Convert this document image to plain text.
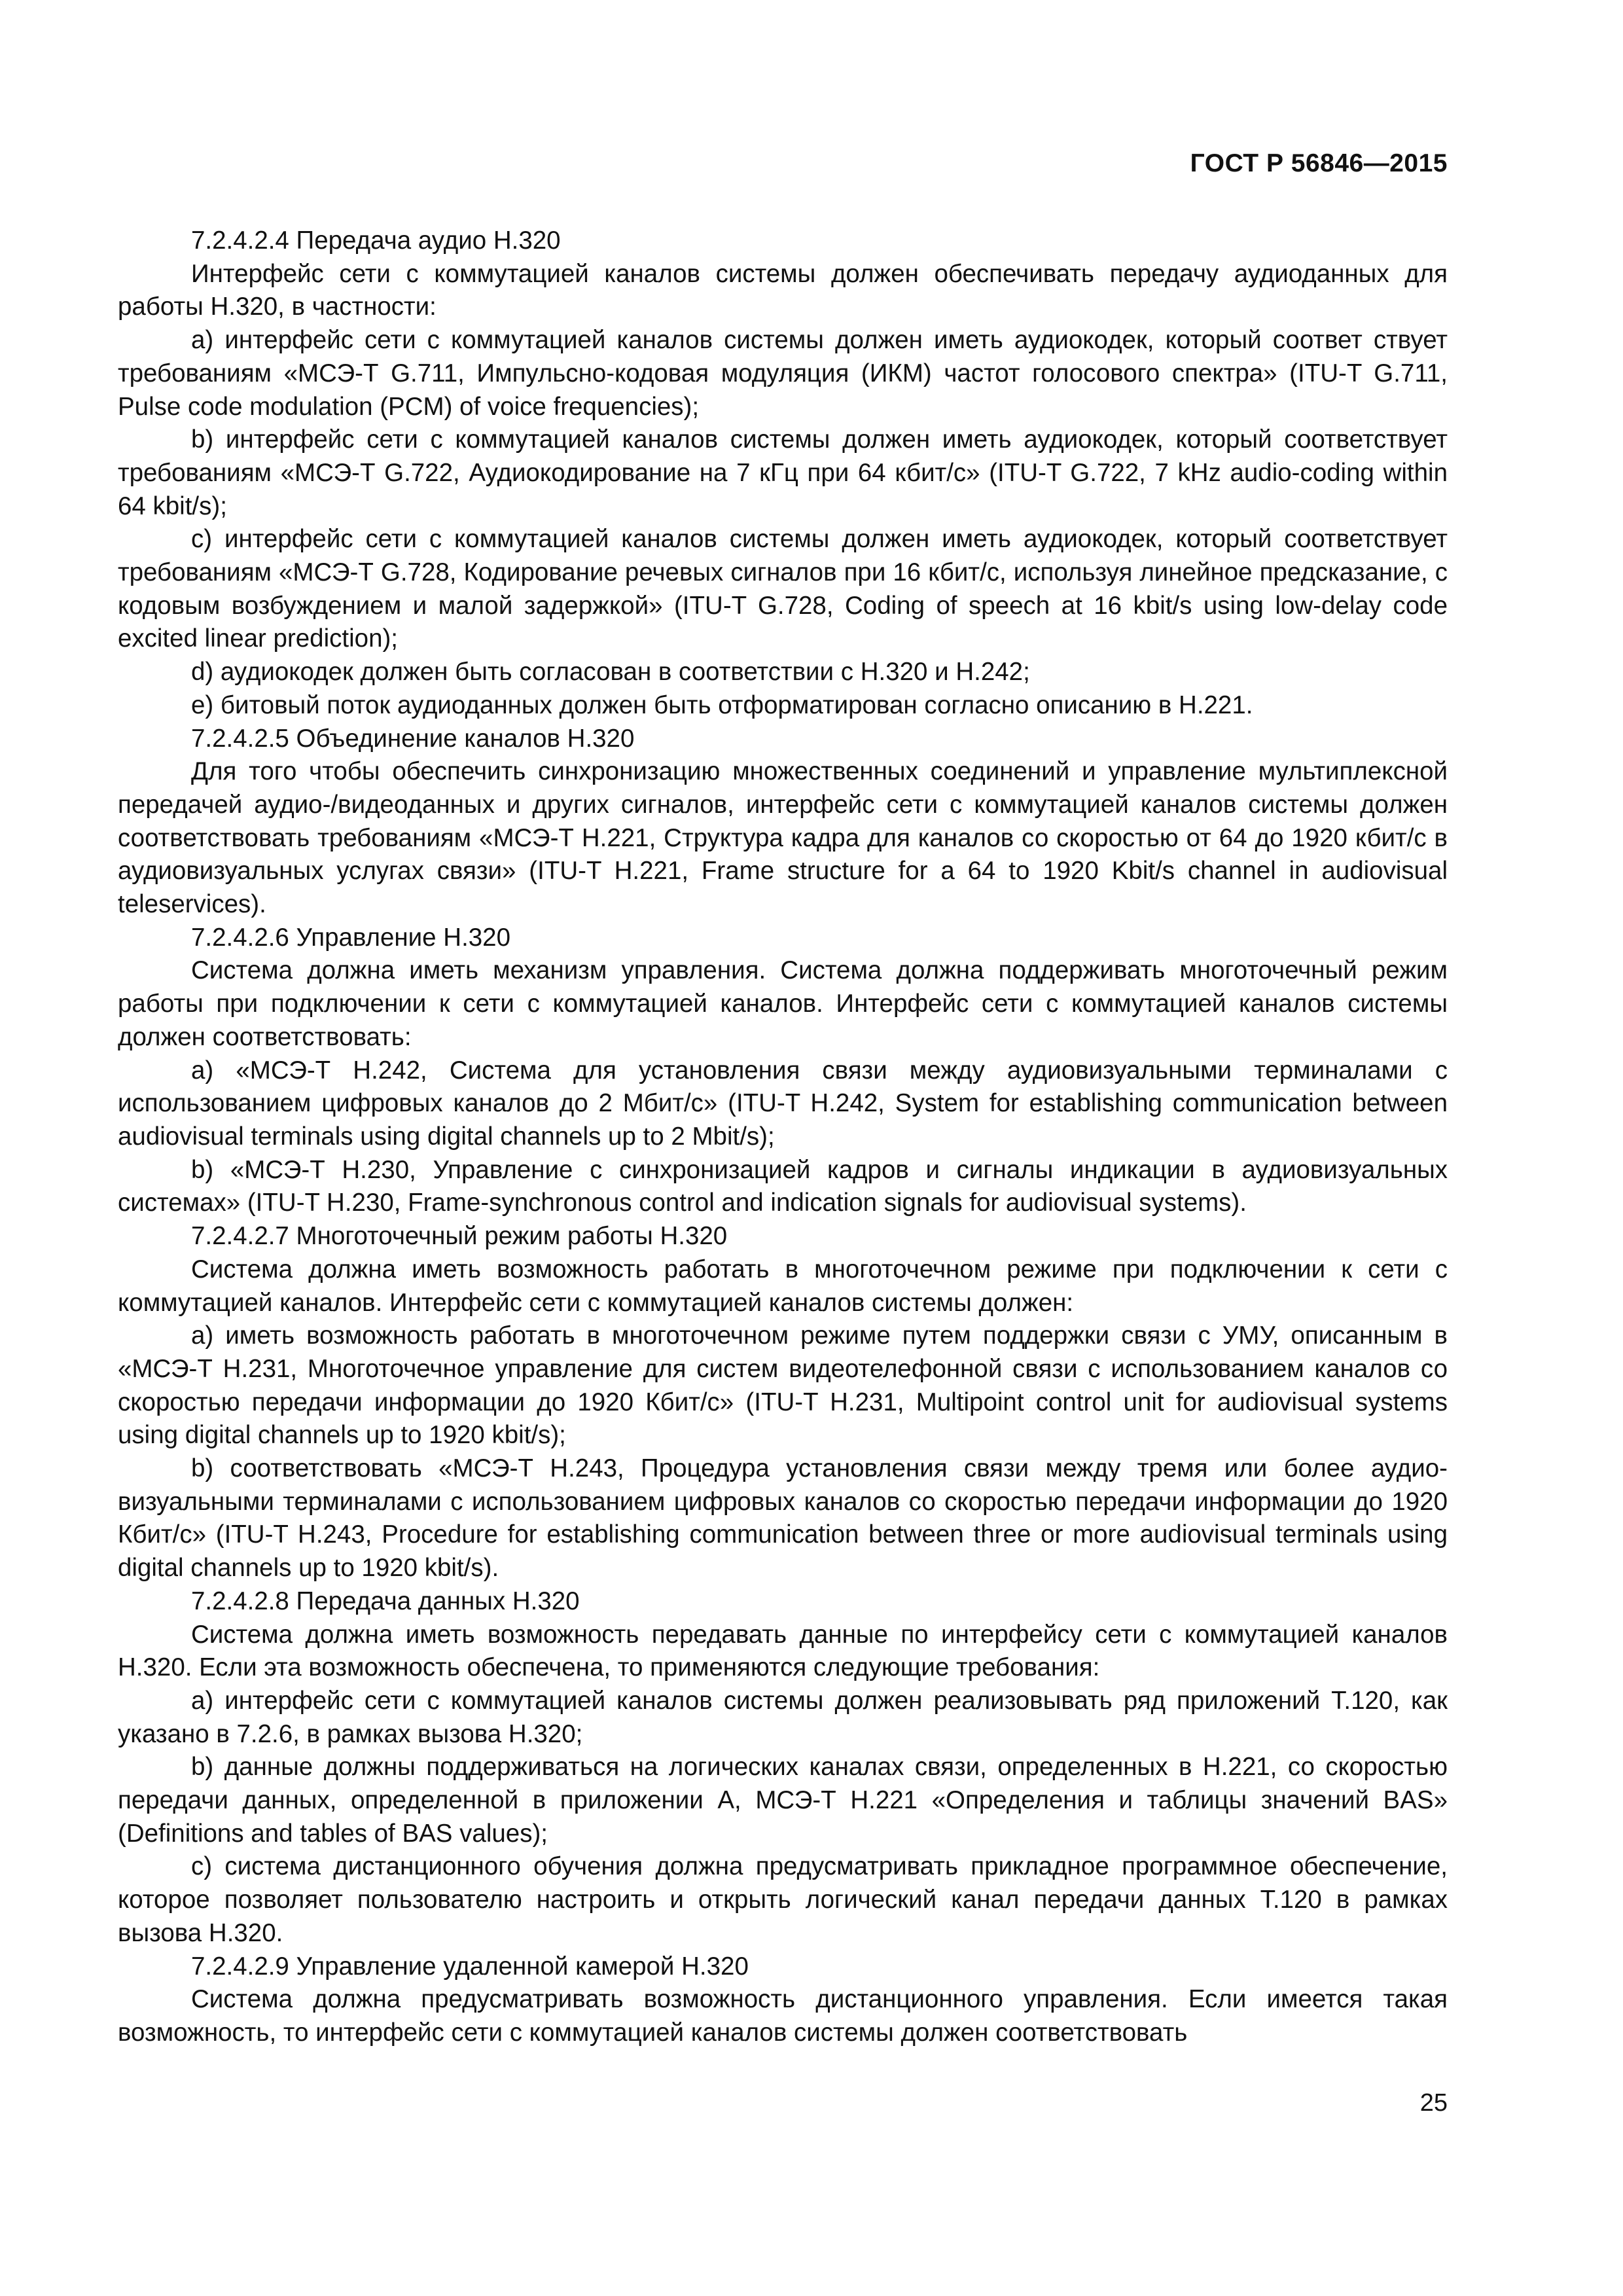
ГОСТ Р 56846—2015

7.2.4.2.4 Передача аудио H.320

Интерфейс сети с коммутацией каналов системы должен обеспечивать передачу аудиоданных для работы H.320, в частности:

a) интерфейс сети с коммутацией каналов системы должен иметь аудиокодек, который соответ ствует требованиям «МСЭ-Т G.711, Импульсно-кодовая модуляция (ИКМ) частот голосового спектра» (ITU-T G.711, Pulse code modulation (PCM) of voice frequencies);

b) интерфейс сети с коммутацией каналов системы должен иметь аудиокодек, который соответствует требованиям «МСЭ-Т G.722, Аудиокодирование на 7 кГц при 64 кбит/с» (ITU-T G.722, 7 kHz audio-coding within 64 kbit/s);

c) интерфейс сети с коммутацией каналов системы должен иметь аудиокодек, который соответствует требованиям «МСЭ-Т G.728, Кодирование речевых сигналов при 16 кбит/с, используя линейное предсказание, с кодовым возбуждением и малой задержкой» (ITU-T G.728, Coding of speech at 16 kbit/s using low-delay code excited linear prediction);

d) аудиокодек должен быть согласован в соответствии с H.320 и H.242;

e) битовый поток аудиоданных должен быть отформатирован согласно описанию в H.221.

7.2.4.2.5 Объединение каналов H.320

Для того чтобы обеспечить синхронизацию множественных соединений и управление мультиплексной передачей аудио-/видеоданных и других сигналов, интерфейс сети с коммутацией каналов системы должен соответствовать требованиям «МСЭ-Т H.221, Структура кадра для каналов со скоростью от 64 до 1920 кбит/с в аудиовизуальных услугах связи» (ITU-T H.221, Frame structure for a 64 to 1920 Kbit/s channel in audiovisual teleservices).

7.2.4.2.6 Управление H.320

Система должна иметь механизм управления. Система должна поддерживать многоточечный режим работы при подключении к сети с коммутацией каналов. Интерфейс сети с коммутацией каналов системы должен соответствовать:

a) «МСЭ-Т H.242, Система для установления связи между аудиовизуальными терминалами с использованием цифровых каналов до 2 Мбит/с» (ITU-T H.242, System for establishing communication between audiovisual terminals using digital channels up to 2 Mbit/s);

b) «МСЭ-Т H.230, Управление с синхронизацией кадров и сигналы индикации в аудиовизуальных системах» (ITU-T H.230, Frame-synchronous control and indication signals for audiovisual systems).

7.2.4.2.7 Многоточечный режим работы H.320

Система должна иметь возможность работать в многоточечном режиме при подключении к сети с коммутацией каналов. Интерфейс сети с коммутацией каналов системы должен:

a) иметь возможность работать в многоточечном режиме путем поддержки связи с УМУ, описанным в «МСЭ-Т H.231, Многоточечное управление для систем видеотелефонной связи с использованием каналов со скоростью передачи информации до 1920 Кбит/с» (ITU-T H.231, Multipoint control unit for audiovisual systems using digital channels up to 1920 kbit/s);

b) соответствовать «МСЭ-Т H.243, Процедура установления связи между тремя или более аудиовизуальными терминалами с использованием цифровых каналов со скоростью передачи информации до 1920 Кбит/с» (ITU-T H.243, Procedure for establishing communication between three or more audiovisual terminals using digital channels up to 1920 kbit/s).

7.2.4.2.8 Передача данных H.320

Система должна иметь возможность передавать данные по интерфейсу сети с коммутацией каналов H.320. Если эта возможность обеспечена, то применяются следующие требования:

a) интерфейс сети с коммутацией каналов системы должен реализовывать ряд приложений T.120, как указано в 7.2.6, в рамках вызова H.320;

b) данные должны поддерживаться на логических каналах связи, определенных в H.221, со скоростью передачи данных, определенной в приложении А, МСЭ-Т H.221 «Определения и таблицы значений BAS» (Definitions and tables of BAS values);

c) система дистанционного обучения должна предусматривать прикладное программное обеспечение, которое позволяет пользователю настроить и открыть логический канал передачи данных T.120 в рамках вызова H.320.

7.2.4.2.9 Управление удаленной камерой H.320

Система должна предусматривать возможность дистанционного управления. Если имеется такая возможность, то интерфейс сети с коммутацией каналов системы должен соответствовать

25
